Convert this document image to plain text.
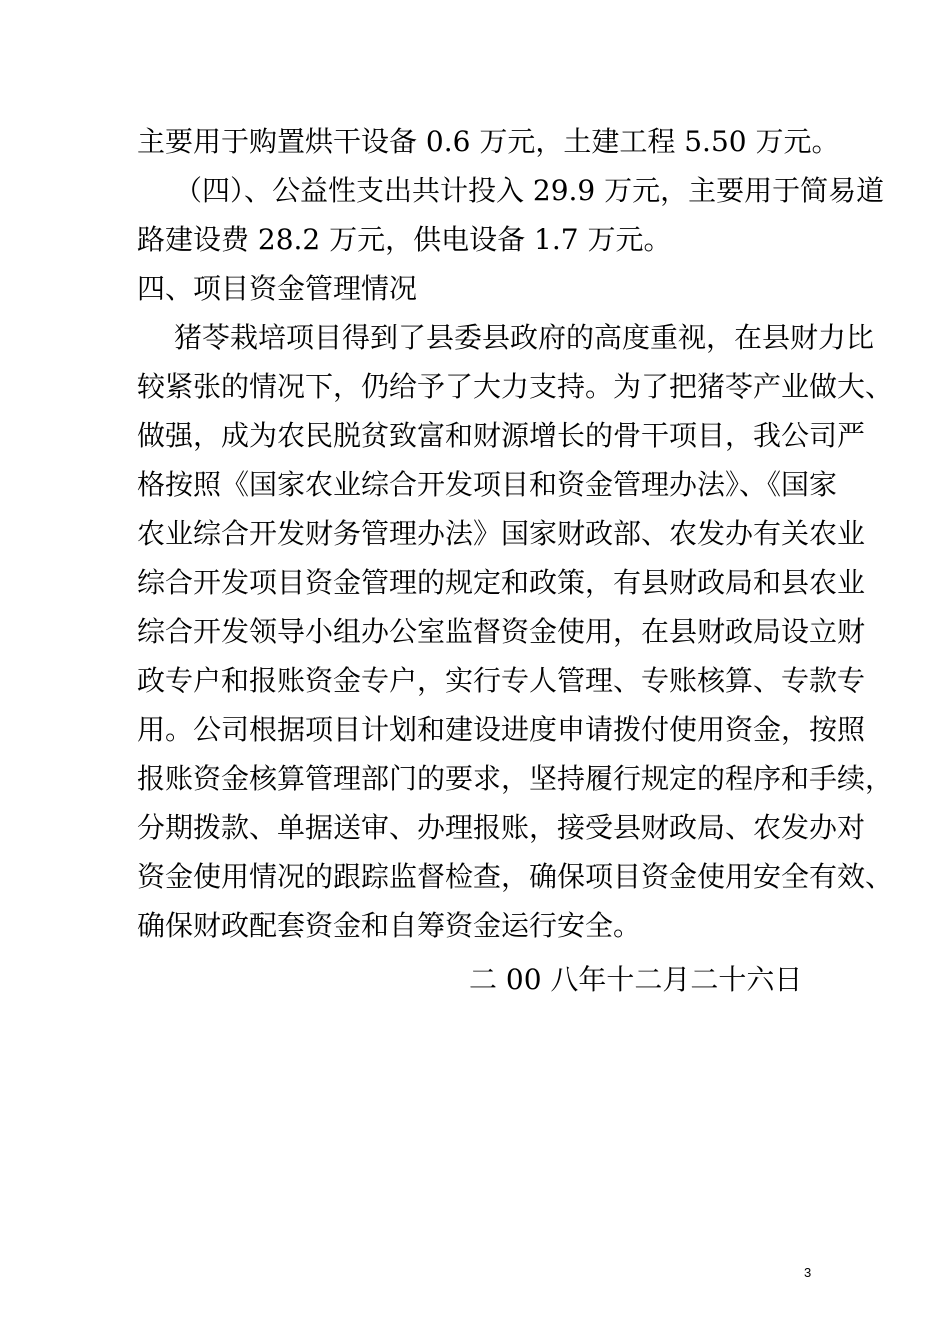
主要用于购置烘干设备 0.6 万元，土建工程 5.50 万元。

（四）、公益性支出共计投入 29.9 万元，主要用于简易道

路建设费 28.2 万元，供电设备 1.7 万元。

四、项目资金管理情况

猪苓栽培项目得到了县委县政府的高度重视，在县财力比

较紧张的情况下，仍给予了大力支持。为了把猪苓产业做大、

做强，成为农民脱贫致富和财源增长的骨干项目，我公司严

格按照《国家农业综合开发项目和资金管理办法》、《国家

农业综合开发财务管理办法》国家财政部、农发办有关农业

综合开发项目资金管理的规定和政策，有县财政局和县农业

综合开发领导小组办公室监督资金使用，在县财政局设立财

政专户和报账资金专户，实行专人管理、专账核算、专款专

用。公司根据项目计划和建设进度申请拨付使用资金，按照

报账资金核算管理部门的要求，坚持履行规定的程序和手续，

分期拨款、单据送审、办理报账，接受县财政局、农发办对

资金使用情况的跟踪监督检查，确保项目资金使用安全有效、

确保财政配套资金和自筹资金运行安全。

二 00 八年十二月二十六日

3
